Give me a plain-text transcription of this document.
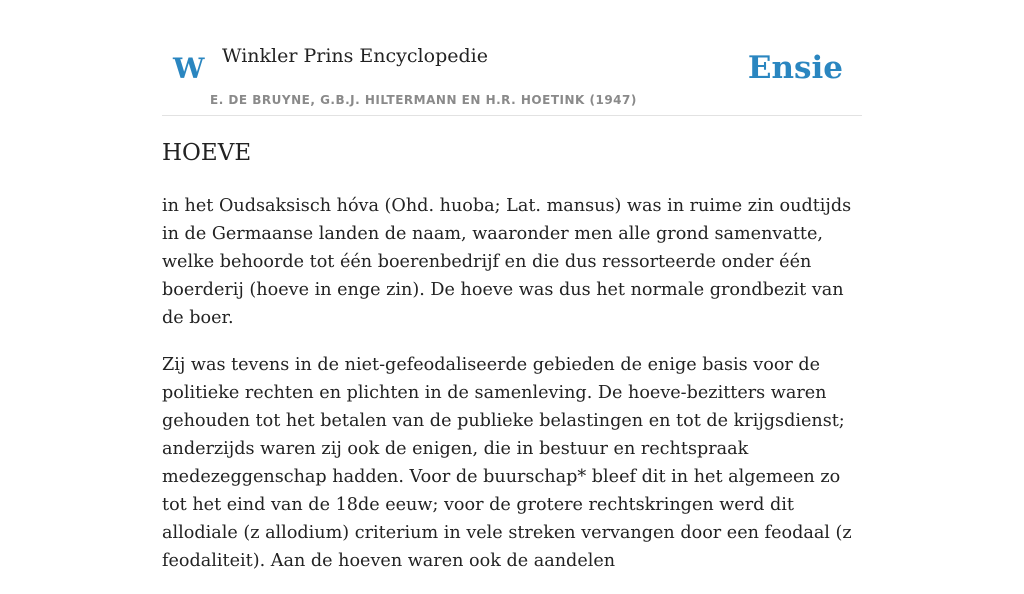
W Winkler Prins Encyclopedie	Ensie
E. DE BRUYNE, G.B.J. HILTERMANN EN H.R. HOETINK (1947)
HOEVE

in het Oudsaksisch hóva (Ohd. huoba; Lat. mansus) was in ruime zin oudtijds in de Germaanse landen de naam, waaronder men alle grond samenvatte, welke behoorde tot één boerenbedrijf en die dus ressorteerde onder één boerderij (hoeve in enge zin). De hoeve was dus het normale grondbezit van de boer.

Zij was tevens in de niet-gefeodaliseerde gebieden de enige basis voor de politieke rechten en plichten in de samenleving. De hoeve-bezitters waren gehouden tot het betalen van de publieke belastingen en tot de krijgsdienst; anderzijds waren zij ook de enigen, die in bestuur en rechtspraak medezeggenschap hadden. Voor de buurschap* bleef dit in het algemeen zo tot het eind van de 18de eeuw; voor de grotere rechtskringen werd dit allodiale (z allodium) criterium in vele streken vervangen door een feodaal (z feodaliteit). Aan de hoeven waren ook de aandelen
